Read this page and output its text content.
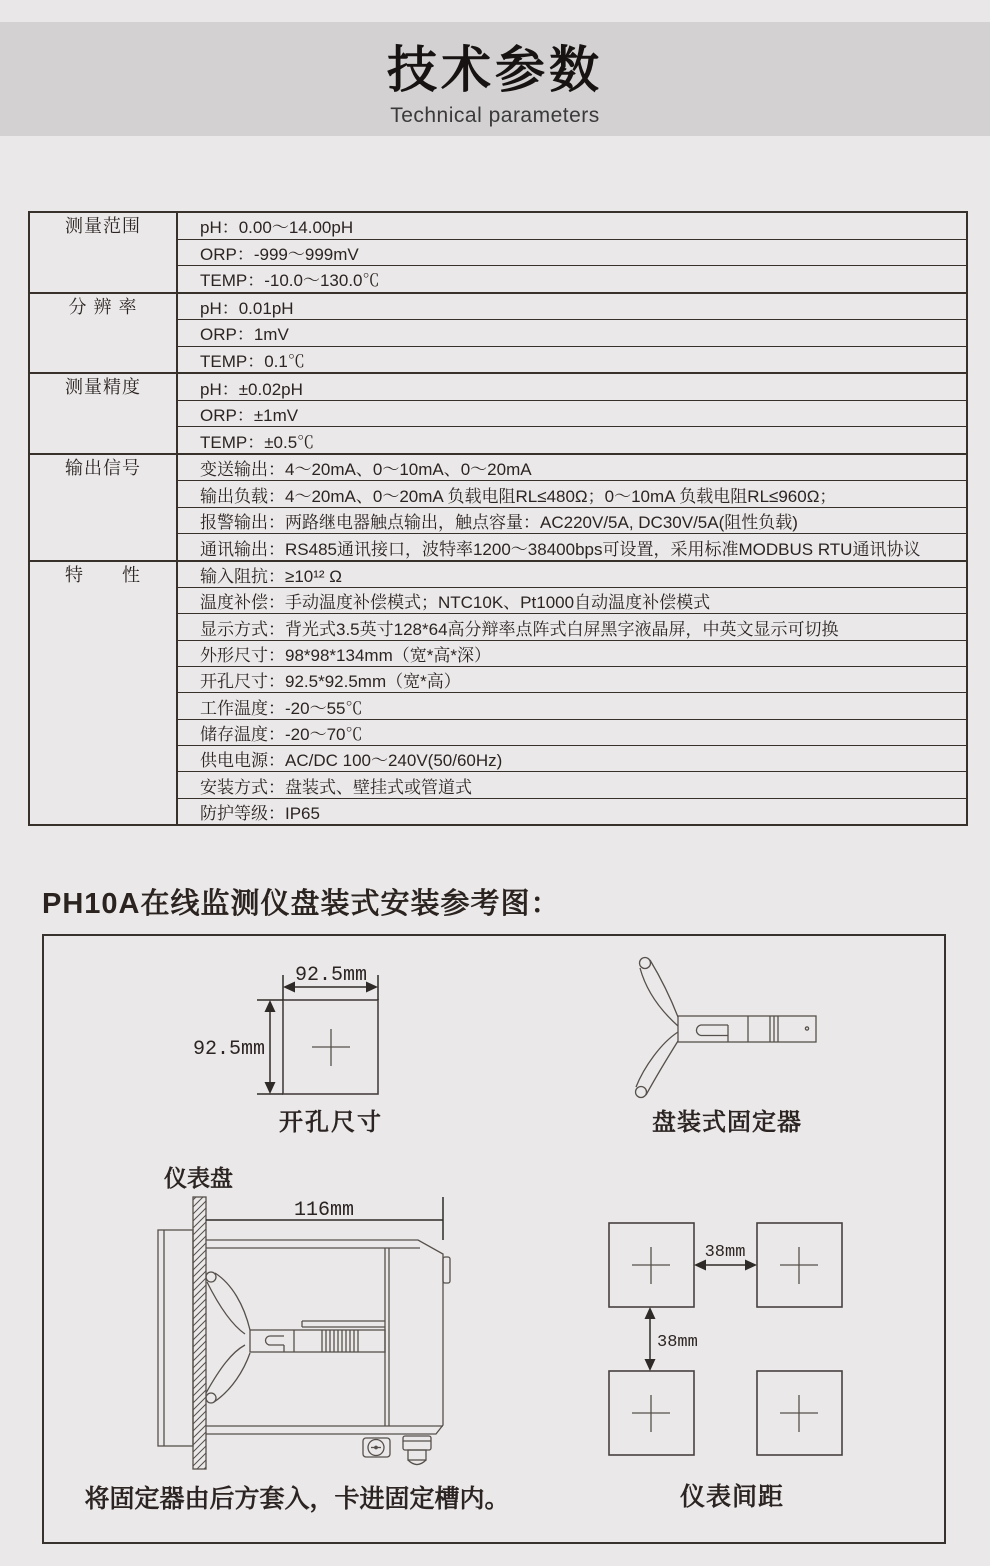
技术参数
Technical parameters
测量范围	pH：0.00～14.00pH
ORP：-999～999mV
TEMP：-10.0～130.0℃
分 辨 率	pH：0.01pH
ORP：1mV
TEMP：0.1℃
测量精度	pH：±0.02pH
ORP：±1mV
TEMP：±0.5℃
输出信号	变送输出：4～20mA、0～10mA、0～20mA
输出负载：4～20mA、0～20mA 负载电阻RL≤480Ω；0～10mA 负载电阻RL≤960Ω；
报警输出：两路继电器触点输出，触点容量：AC220V/5A, DC30V/5A(阻性负载)
通讯输出：RS485通讯接口，波特率1200～38400bps可设置，采用标准MODBUS RTU通讯协议
特　　性	输入阻抗：≥10¹² Ω
温度补偿：手动温度补偿模式；NTC10K、Pt1000自动温度补偿模式
显示方式：背光式3.5英寸128*64高分辩率点阵式白屏黑字液晶屏，中英文显示可切换
外形尺寸：98*98*134mm（宽*高*深）
开孔尺寸：92.5*92.5mm（宽*高）
工作温度：-20～55℃
储存温度：-20～70℃
供电电源：AC/DC 100～240V(50/60Hz)
安装方式：盘装式、壁挂式或管道式
防护等级：IP65
PH10A在线监测仪盘装式安装参考图：
92.5mm
92.5mm
开孔尺寸	盘装式固定器
仪表盘
116mm
将固定器由后方套入，卡进固定槽内。
38mm
38mm
仪表间距
